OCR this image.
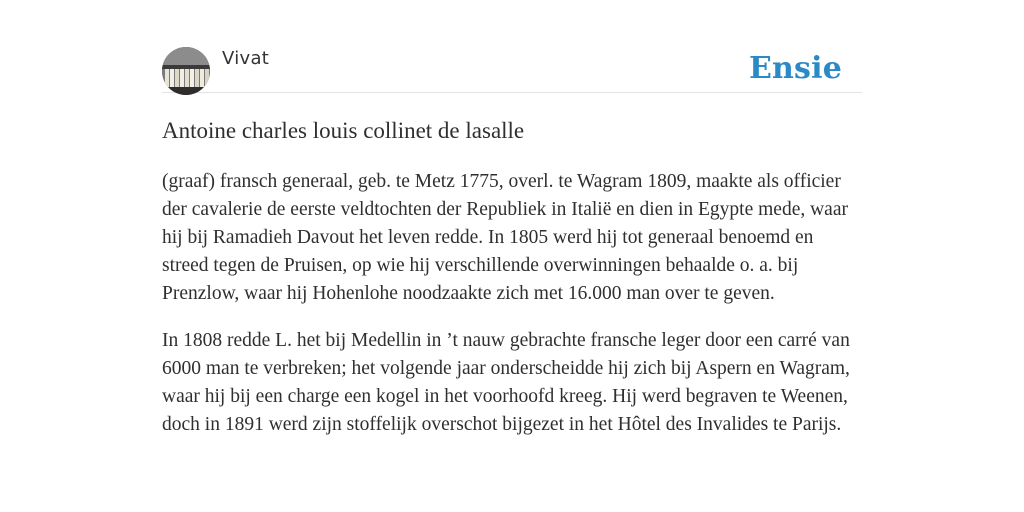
Vivat	Ensie
Antoine charles louis collinet de lasalle

(graaf) fransch generaal, geb. te Metz 1775, overl. te Wagram 1809, maakte als officier der cavalerie de eerste veldtochten der Republiek in Italië en dien in Egypte mede, waar hij bij Ramadieh Davout het leven redde. In 1805 werd hij tot generaal benoemd en streed tegen de Pruisen, op wie hij verschillende overwinningen behaalde o. a. bij Prenzlow, waar hij Hohenlohe noodzaakte zich met 16.000 man over te geven.

In 1808 redde L. het bij Medellin in ’t nauw gebrachte fransche leger door een carré van 6000 man te verbreken; het volgende jaar onderscheidde hij zich bij Aspern en Wagram, waar hij bij een charge een kogel in het voorhoofd kreeg. Hij werd begraven te Weenen, doch in 1891 werd zijn stoffelijk overschot bijgezet in het Hôtel des Invalides te Parijs.
